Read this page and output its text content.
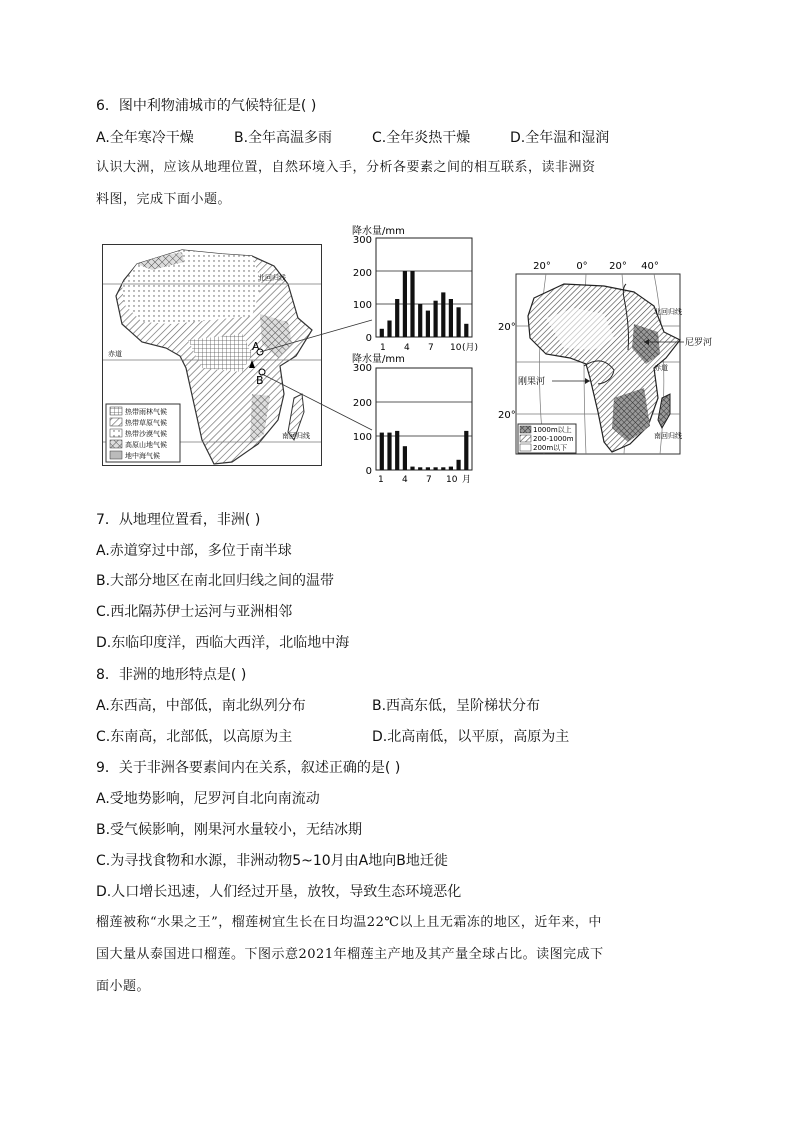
6．图中利物浦城市的气候特征是( )
A.全年寒冷干燥	B.全年高温多雨	C.全年炎热干燥	D.全年温和湿润
认识大洲，应该从地理位置，自然环境入手，分析各要素之间的相互联系，读非洲资
料图，完成下面小题。
北回归线
赤道
南回归线
A
B
热带雨林气候
热带草原气候
热带沙漠气候
高原山地气候
地中海气候
降水量/mm
300
200
100
0
1 4 7 10 (月)
降水量/mm
300
200
100
0
1 4 7 10 月
20°	0° 20° 40°
20°
20°
北回归线
赤道
南回归线
尼罗河
刚果河
1000m以上
200-1000m
200m以下
7．从地理位置看，非洲( )
A.赤道穿过中部，多位于南半球
B.大部分地区在南北回归线之间的温带
C.西北隔苏伊士运河与亚洲相邻
D.东临印度洋，西临大西洋，北临地中海
8．非洲的地形特点是( )
A.东西高，中部低，南北纵列分布	B.西高东低，呈阶梯状分布
C.东南高，北部低，以高原为主	D.北高南低，以平原，高原为主
9．关于非洲各要素间内在关系，叙述正确的是( )
A.受地势影响，尼罗河自北向南流动
B.受气候影响，刚果河水量较小，无结冰期
C.为寻找食物和水源，非洲动物5~10月由A地向B地迁徙
D.人口增长迅速，人们经过开垦，放牧，导致生态环境恶化
榴莲被称“水果之王”，榴莲树宜生长在日均温22℃以上且无霜冻的地区，近年来，中
国大量从泰国进口榴莲。下图示意2021年榴莲主产地及其产量全球占比。读图完成下
面小题。
